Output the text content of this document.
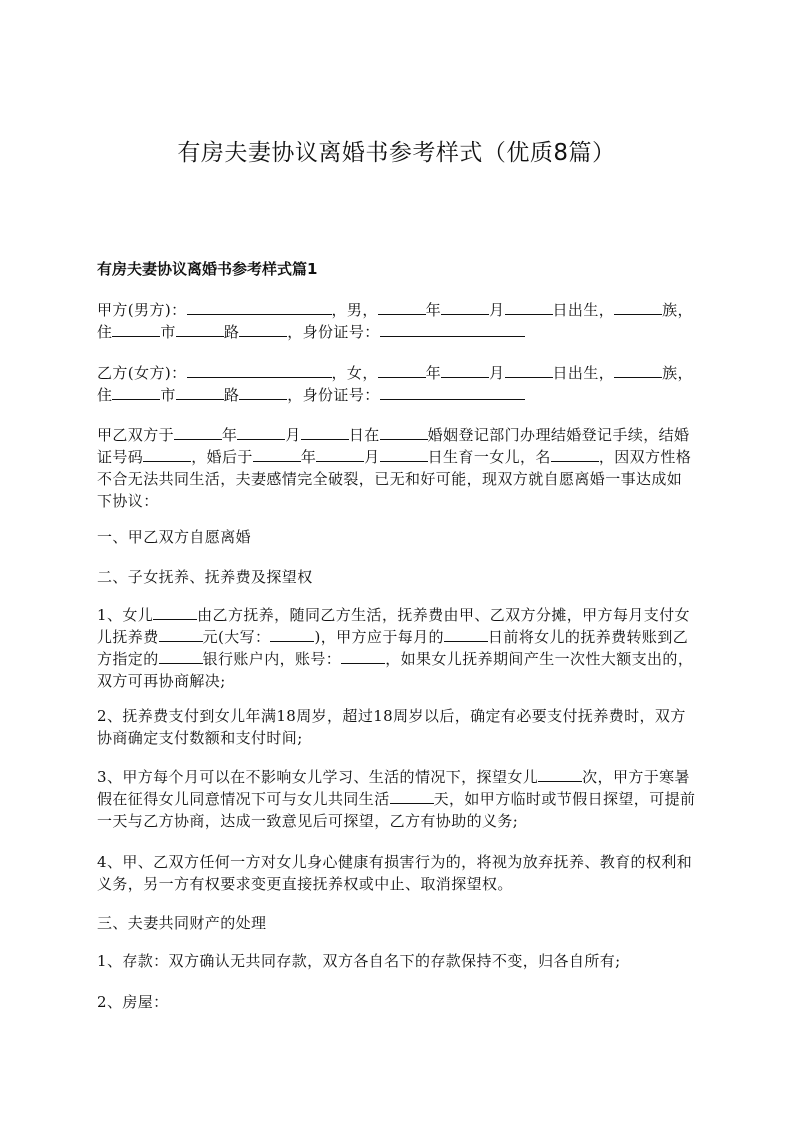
有房夫妻协议离婚书参考样式（优质8篇）
有房夫妻协议离婚书参考样式篇1

甲方(男方)：	，男，	年	月	日出生，	族，
住	市	路	，身份证号：

乙方(女方)：	，女，	年	月	日出生，	族，
住	市	路	，身份证号：

甲乙双方于	年	月	日在	婚姻登记部门办理结婚登记手续，结婚证号码	，婚后于	年	月	日生育一女儿，名	，因双方性格不合无法共同生活，夫妻感情完全破裂，已无和好可能，现双方就自愿离婚一事达成如下协议：

一、甲乙双方自愿离婚

二、子女抚养、抚养费及探望权

1、女儿	由乙方抚养，随同乙方生活，抚养费由甲、乙双方分摊，甲方每月支付女儿抚养费	元(大写：	)，甲方应于每月的	日前将女儿的抚养费转账到乙方指定的	银行账户内，账号：	，如果女儿抚养期间产生一次性大额支出的，双方可再协商解决;

2、抚养费支付到女儿年满18周岁，超过18周岁以后，确定有必要支付抚养费时，双方协商确定支付数额和支付时间;

3、甲方每个月可以在不影响女儿学习、生活的情况下，探望女儿	次，甲方于寒暑假在征得女儿同意情况下可与女儿共同生活	天，如甲方临时或节假日探望，可提前一天与乙方协商，达成一致意见后可探望，乙方有协助的义务;

4、甲、乙双方任何一方对女儿身心健康有损害行为的，将视为放弃抚养、教育的权利和义务，另一方有权要求变更直接抚养权或中止、取消探望权。

三、夫妻共同财产的处理

1、存款：双方确认无共同存款，双方各自名下的存款保持不变，归各自所有;

2、房屋：
